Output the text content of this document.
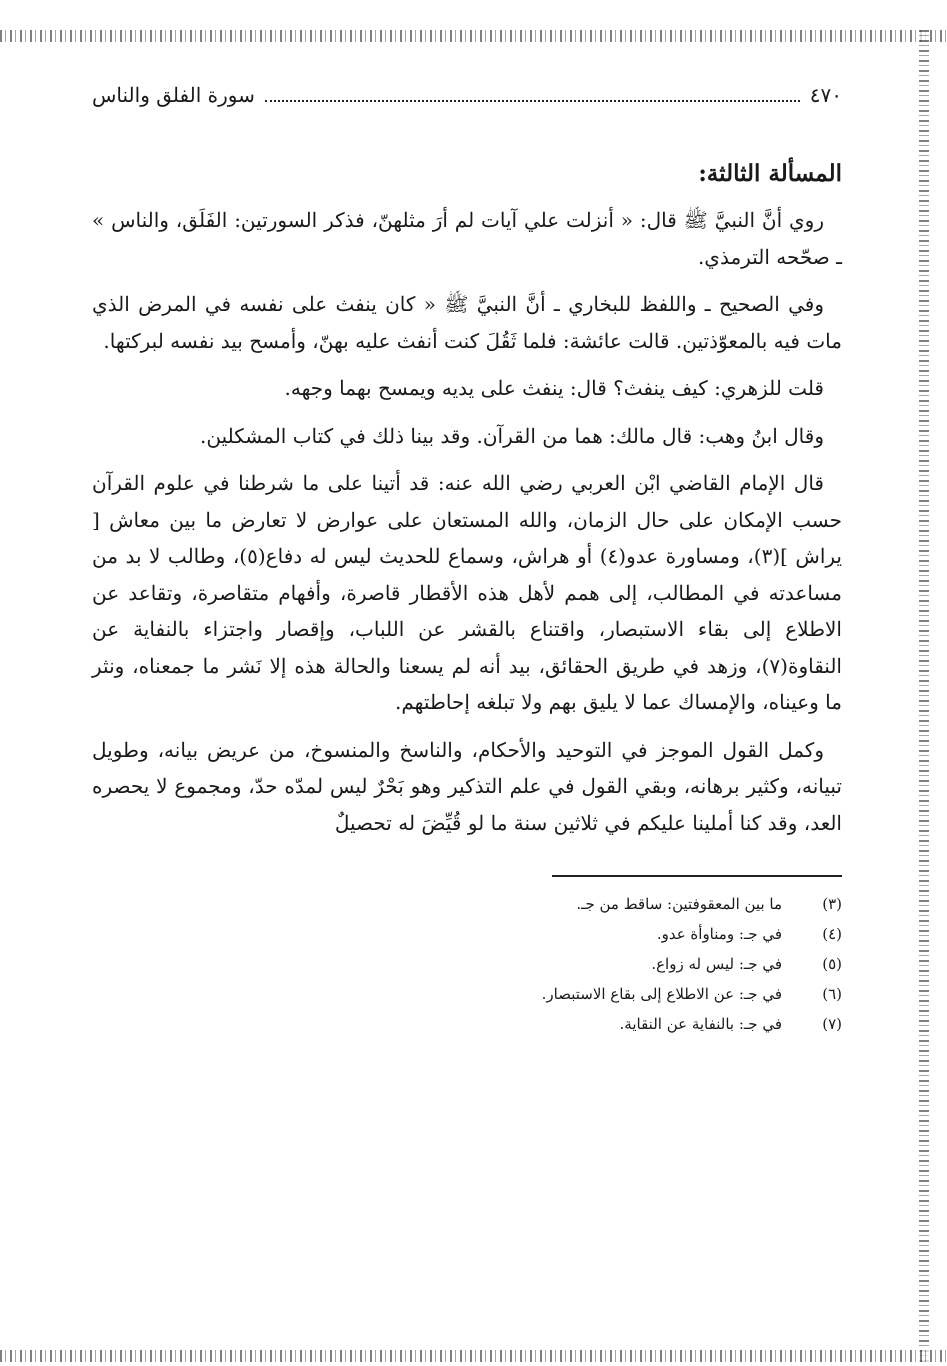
٤٧٠
سورة الفلق والناس
المسألة الثالثة:

روي أنَّ النبيَّ ﷺ قال: « أنزلت علي آيات لم أرَ مثلهنّ، فذكر السورتين: الفَلَق، والناس » ـ صحّحه الترمذي.

وفي الصحيح ـ واللفظ للبخاري ـ أنَّ النبيَّ ﷺ « كان ينفث على نفسه في المرض الذي مات فيه بالمعوّذتين. قالت عائشة: فلما ثَقُلَ كنت أنفث عليه بهنّ، وأمسح بيد نفسه لبركتها.

قلت للزهري: كيف ينفث؟ قال: ينفث على يديه ويمسح بهما وجهه.

وقال ابنُ وهب: قال مالك: هما من القرآن. وقد بينا ذلك في كتاب المشكلين.

قال الإمام القاضي ابْن العربي رضي الله عنه: قد أتينا على ما شرطنا في علوم القرآن حسب الإمكان على حال الزمان، والله المستعان على عوارض لا تعارض ما بين معاش [ يراش ](٣)، ومساورة عدو(٤) أو هراش، وسماع للحديث ليس له دفاع(٥)، وطالب لا بد من مساعدته في المطالب، إلى همم لأهل هذه الأقطار قاصرة، وأفهام متقاصرة، وتقاعد عن الاطلاع إلى بقاء الاستبصار، واقتناع بالقشر عن اللباب، وإقصار واجتزاء بالنفاية عن النقاوة(٧)، وزهد في طريق الحقائق، بيد أنه لم يسعنا والحالة هذه إلا نَشر ما جمعناه، ونثر ما وعيناه، والإمساك عما لا يليق بهم ولا تبلغه إحاطتهم.

وكمل القول الموجز في التوحيد والأحكام، والناسخ والمنسوخ، من عريض بيانه، وطويل تبيانه، وكثير برهانه، وبقي القول في علم التذكير وهو بَحْرٌ ليس لمدّه حدّ، ومجموع لا يحصره العد، وقد كنا أملينا عليكم في ثلاثين سنة ما لو قُيِّضَ له تحصيلٌ

(٣)
ما بين المعقوفتين: ساقط من جـ.
(٤)
في جـ: ومناوأة عدو.
(٥)
في جـ: ليس له زواع.
(٦)
في جـ: عن الاطلاع إلى بقاع الاستبصار.
(٧)
في جـ: بالنفاية عن النقاية.
